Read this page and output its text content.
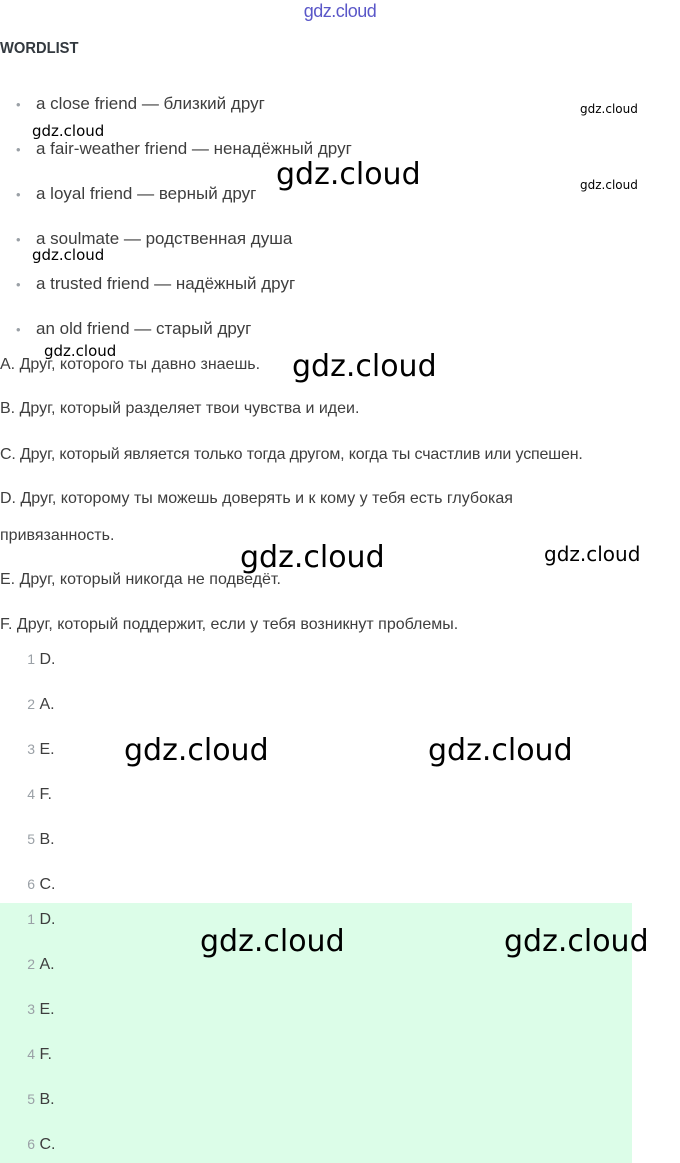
gdz.cloud
WORDLIST
• a close friend — близкий друг
• a fair-weather friend — ненадёжный друг
• a loyal friend — верный друг
• a soulmate — родственная душа
• a trusted friend — надёжный друг
• an old friend — старый друг
A. Друг, которого ты давно знаешь.
B. Друг, который разделяет твои чувства и идеи.
C. Друг, который является только тогда другом, когда ты счастлив или успешен.
D. Друг, которому ты можешь доверять и к кому у тебя есть глубокая
привязанность.
E. Друг, который никогда не подведёт.
F. Друг, который поддержит, если у тебя возникнут проблемы.
1 D.
2 A.
3 E.
4 F.
5 B.
6 C.
1 D.
2 A.
3 E.
4 F.
5 B.
6 C.
gdz.cloud
gdz.cloud
gdz.cloud	gdz.cloud
gdz.cloud
gdz.cloud	gdz.cloud
gdz.cloud	gdz.cloud
gdz.cloud	gdz.cloud
gdz.cloud	gdz.cloud
